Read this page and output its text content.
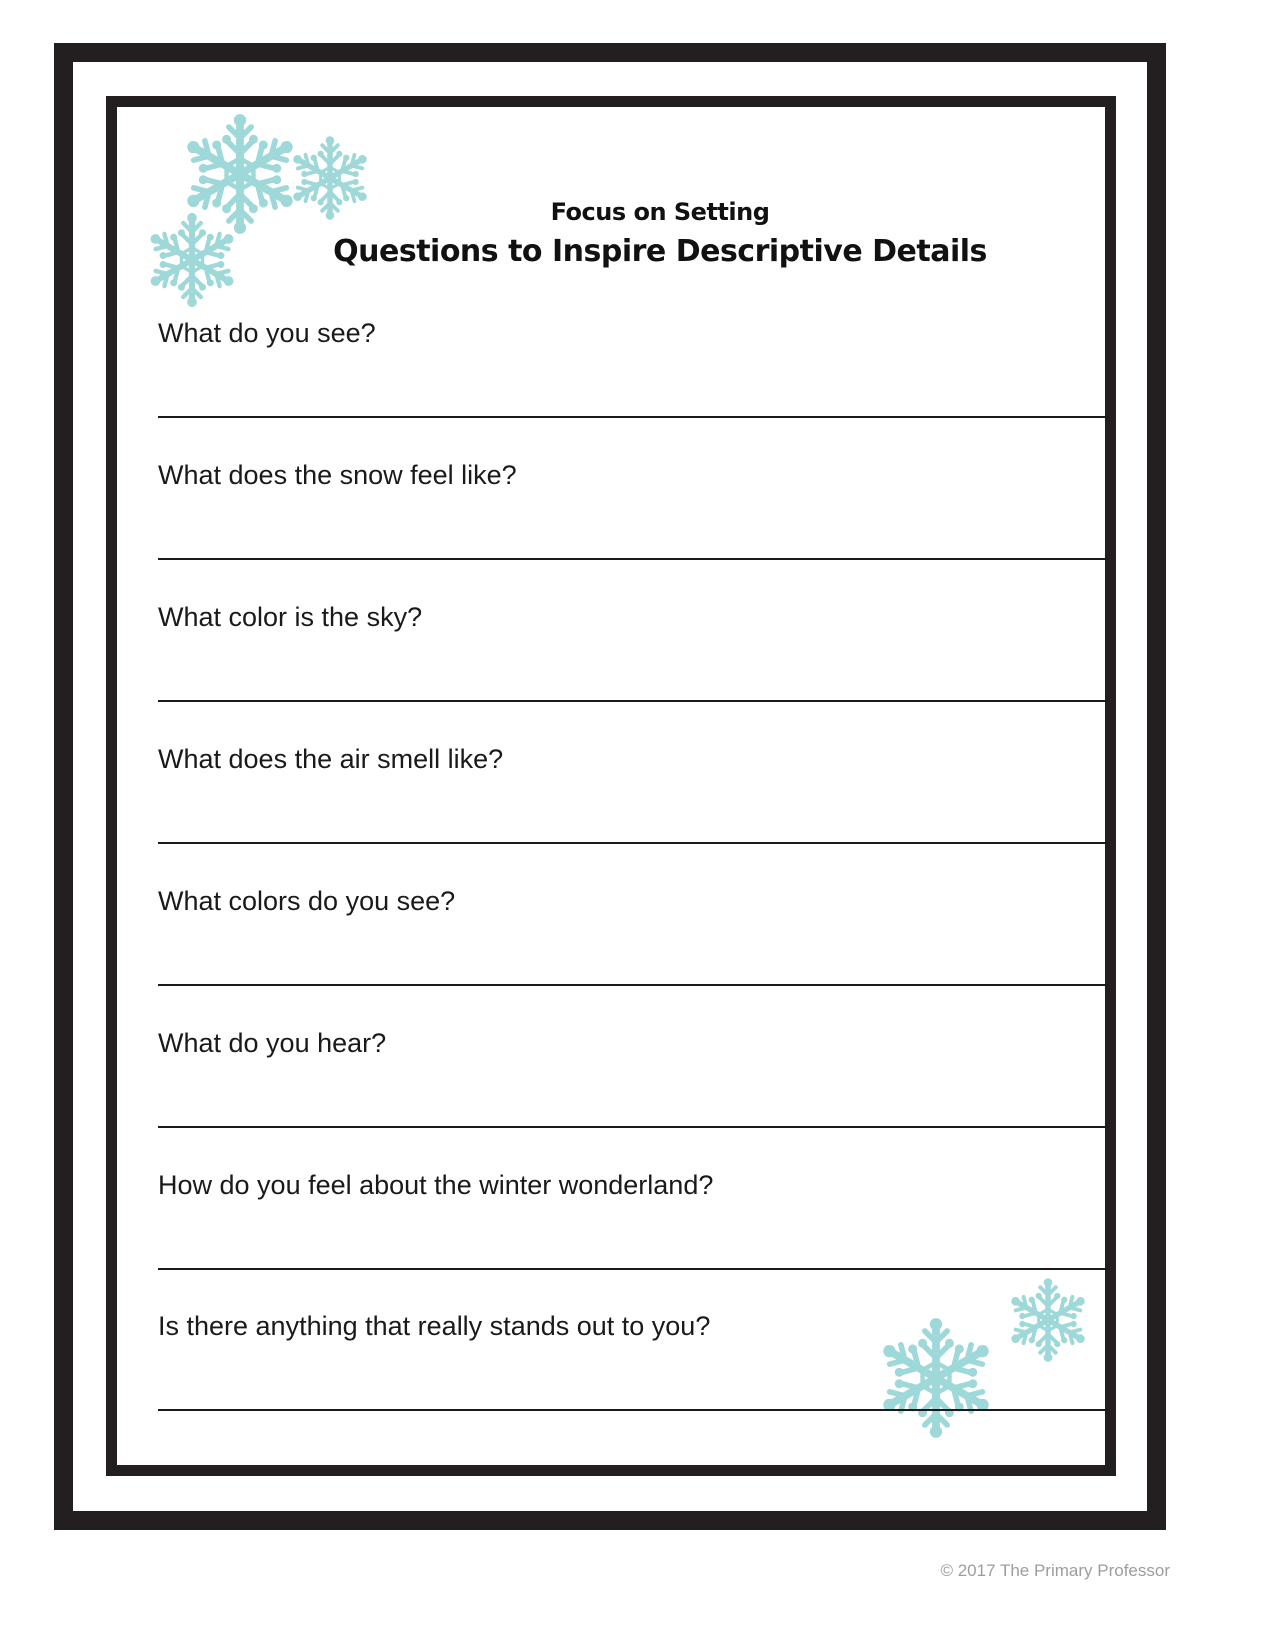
Focus on Setting
Questions to Inspire Descriptive Details
What do you see?
What does the snow feel like?
What color is the sky?
What does the air smell like?
What colors do you see?
What do you hear?
How do you feel about the winter wonderland?
Is there anything that really stands out to you?
© 2017 The Primary Professor
